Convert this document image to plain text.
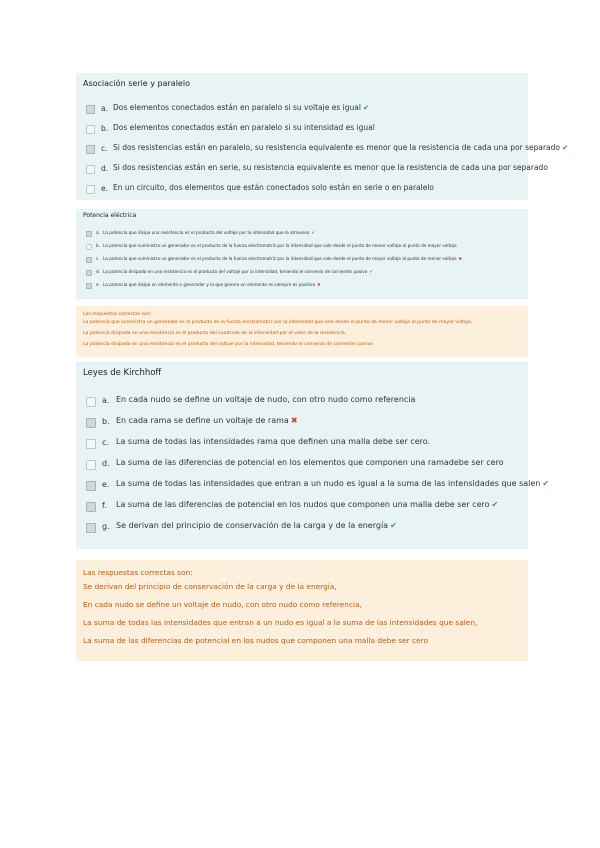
Asociación serie y paralelo
a. Dos elementos conectados están en paralelo si su voltaje es igual ✔
b. Dos elementos conectados están en paralelo si su intensidad es igual
c. Si dos resistencias están en paralelo, su resistencia equivalente es menor que la resistencia de cada una por separado ✔
d. Si dos resistencias están en serie, su resistencia equivalente es menor que la resistencia de cada una por separado
e. En un circuito, dos elementos que están conectados solo están en serie o en paralelo
Potencia eléctrica
a. La potencia que disipa una resistencia es el producto del voltaje por la intensidad que la atraviesa ✔
b. La potencia que suministra un generador es el producto de la fuerza electromotriz por la intensidad que sale desde el punto de menor voltaje al punto de mayor voltaje
c. La potencia que suministra un generador es el producto de la fuerza electromotriz por la intensidad que sale desde el punto de mayor voltaje al punto de menor voltaje ✖
d. La potencia disipada en una resistencia es el producto del voltaje por la intensidad, teniendo el convenio de corrientes pasivo ✔
e. La potencia que disipa un elemento o generador y la que genera un elemento es siempre es positiva ✖
Las respuestas correctas son:
La potencia que suministra un generador es el producto de la fuerza electromotriz por la intensidad que sale desde el punto de menor voltaje al punto de mayor voltaje,
La potencia disipada en una resistencia es el producto del cuadrado de la intensidad por el valor de la resistencia,
La potencia disipada en una resistencia es el producto del voltaje por la intensidad, teniendo el convenio de corrientes pasivo
Leyes de Kirchhoff
a. En cada nudo se define un voltaje de nudo, con otro nudo como referencia
b. En cada rama se define un voltaje de rama ✖
c. La suma de todas las intensidades rama que definen una malla debe ser cero.
d. La suma de las diferencias de potencial en los elementos que componen una ramadebe ser cero
e. La suma de todas las intensidades que entran a un nudo es igual a la suma de las intensidades que salen ✔
f. La suma de las diferencias de potencial en los nudos que componen una malla debe ser cero ✔
g. Se derivan del principio de conservación de la carga y de la energía ✔
Las respuestas correctas son:
Se derivan del principio de conservación de la carga y de la energía,
En cada nudo se define un voltaje de nudo, con otro nudo como referencia,
La suma de todas las intensidades que entran a un nudo es igual a la suma de las intensidades que salen,
La suma de las diferencias de potencial en los nudos que componen una malla debe ser cero
